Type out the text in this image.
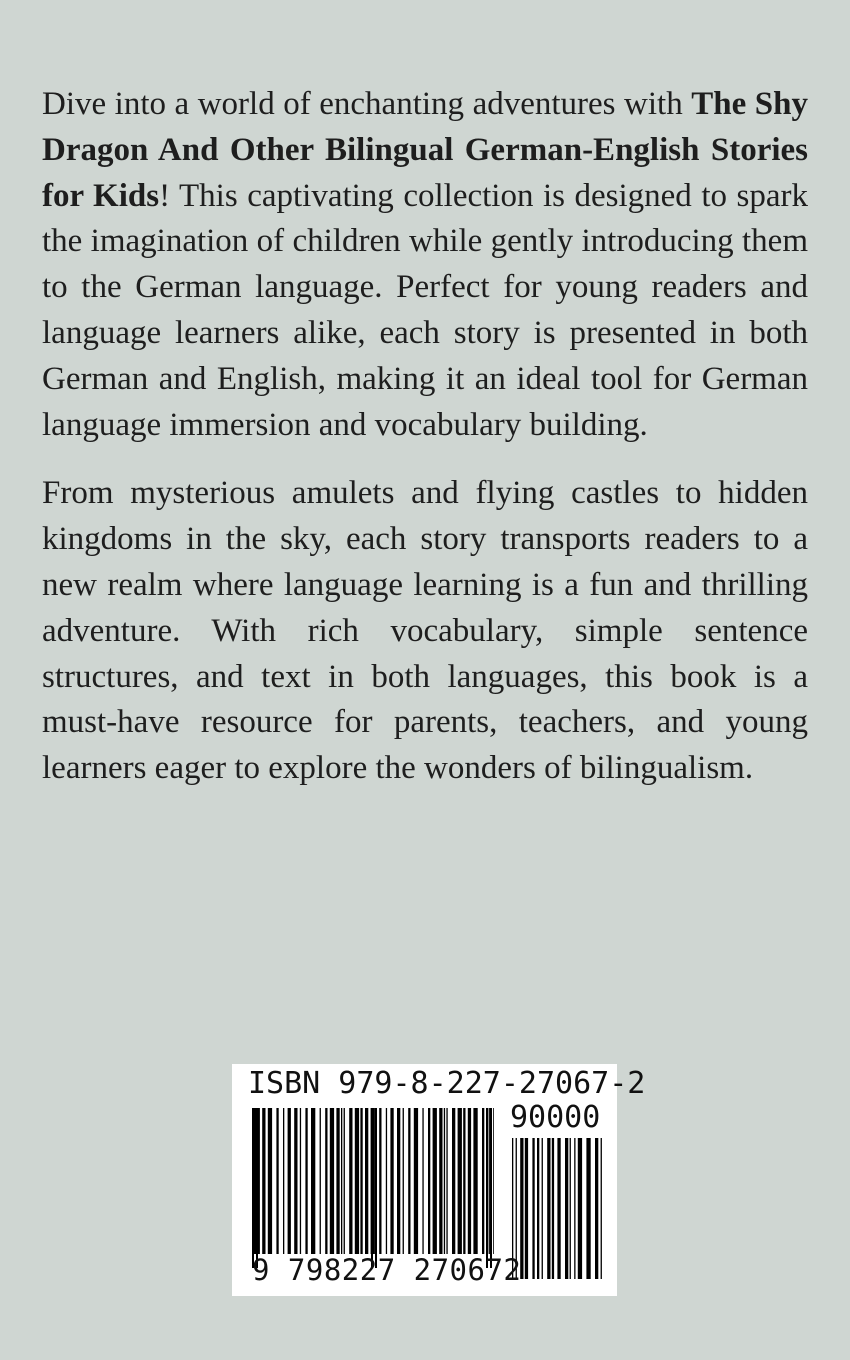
Dive into a world of enchanting adventures with The Shy Dragon And Other Bilingual German-English Stories for Kids! This captivating collection is designed to spark the imagination of children while gently introducing them to the German language. Perfect for young readers and language learners alike, each story is presented in both German and English, making it an ideal tool for German language immersion and vocabulary building.

From mysterious amulets and flying castles to hidden kingdoms in the sky, each story transports readers to a new realm where language learning is a fun and thrilling adventure. With rich vocabulary, simple sentence structures, and text in both languages, this book is a must-have resource for parents, teachers, and young learners eager to explore the wonders of bilingualism.

ISBN 979-8-227-27067-2
90000
9 798227 270672
